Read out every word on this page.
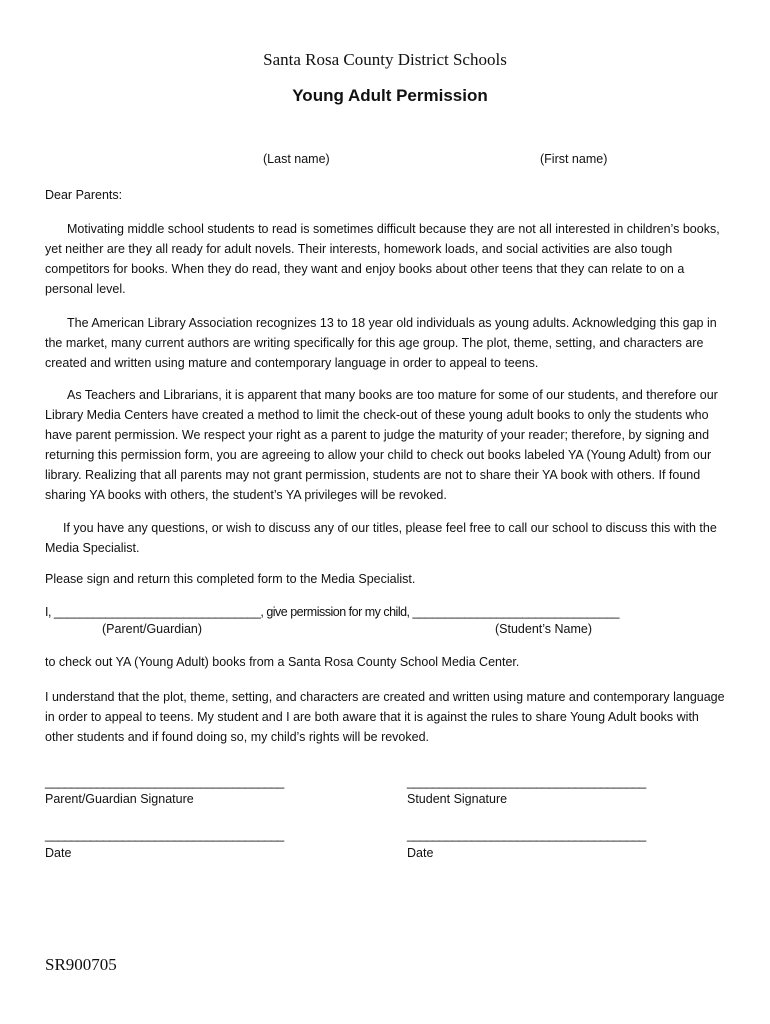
Santa Rosa County District Schools
Young Adult Permission
(Last name)	(First name)
Dear Parents:

Motivating middle school students to read is sometimes difficult because they are not all interested in children’s books, yet neither are they all ready for adult novels. Their interests, homework loads, and social activities are also tough competitors for books. When they do read, they want and enjoy books about other teens that they can relate to on a personal level.

The American Library Association recognizes 13 to 18 year old individuals as young adults. Acknowledging this gap in the market, many current authors are writing specifically for this age group. The plot, theme, setting, and characters are created and written using mature and contemporary language in order to appeal to teens.

As Teachers and Librarians, it is apparent that many books are too mature for some of our students, and therefore our Library Media Centers have created a method to limit the check-out of these young adult books to only the students who have parent permission. We respect your right as a parent to judge the maturity of your reader; therefore, by signing and returning this permission form, you are agreeing to allow your child to check out books labeled YA (Young Adult) from our library. Realizing that all parents may not grant permission, students are not to share their YA book with others. If found sharing YA books with others, the student’s YA privileges will be revoked.

If you have any questions, or wish to discuss any of our titles, please feel free to call our school to discuss this with the Media Specialist.

Please sign and return this completed form to the Media Specialist.
I, ________________________________, give permission for my child, ________________________________
(Parent/Guardian)	(Student’s Name)
to check out YA (Young Adult) books from a Santa Rosa County School Media Center.

I understand that the plot, theme, setting, and characters are created and written using mature and contemporary language in order to appeal to teens. My student and I are both aware that it is against the rules to share Young Adult books with other students and if found doing so, my child’s rights will be revoked.

_____________________________________	_____________________________________
Parent/Guardian Signature	Student Signature
_____________________________________	_____________________________________
Date	Date
SR900705
